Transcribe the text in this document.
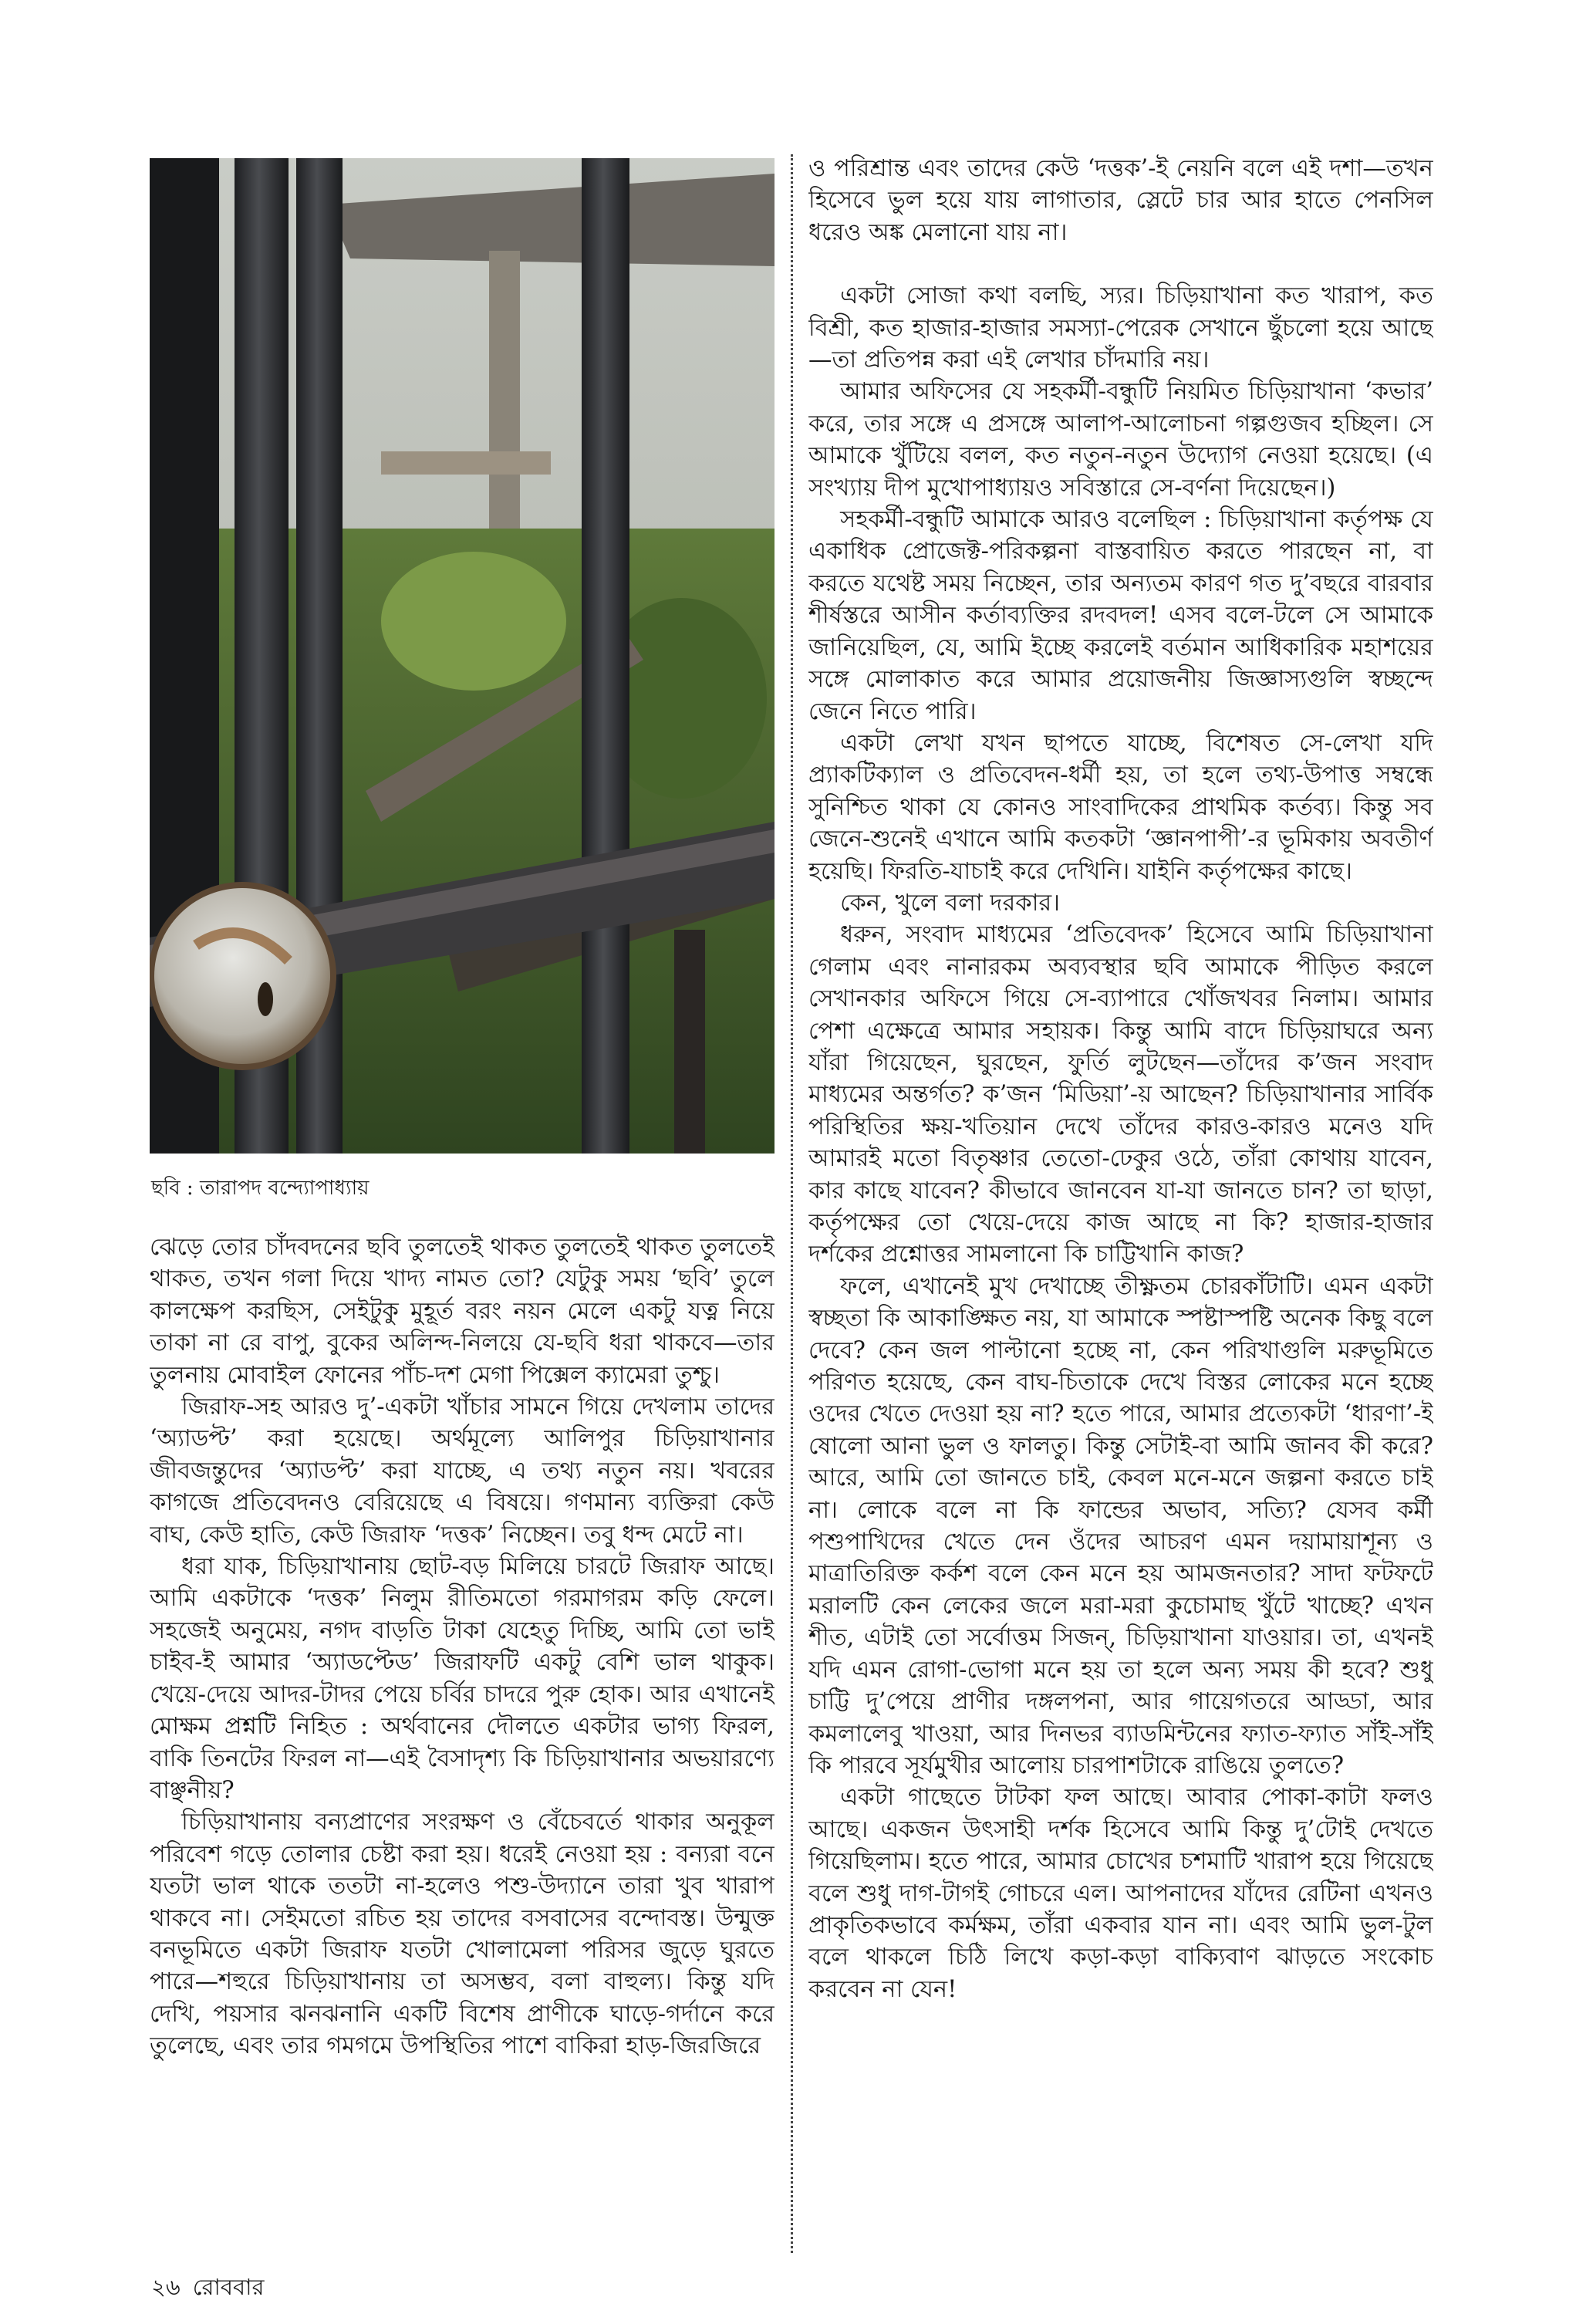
ছবি : তারাপদ বন্দ্যোপাধ্যায়

ঝেড়ে তোর চাঁদবদনের ছবি তুলতেই থাকত তুলতেই থাকত তুলতেই থাকত, তখন গলা দিয়ে খাদ্য নামত তো? যেটুকু সময় ‘ছবি’ তুলে কালক্ষেপ করছিস, সেইটুকু মুহূর্ত বরং নয়ন মেলে একটু যত্ন নিয়ে তাকা না রে বাপু, বুকের অলিন্দ-নিলয়ে যে-ছবি ধরা থাকবে—তার তুলনায় মোবাইল ফোনের পাঁচ-দশ মেগা পিক্সেল ক্যামেরা তুশ্চু।

জিরাফ-সহ আরও দু’-একটা খাঁচার সামনে গিয়ে দেখলাম তাদের ‘অ্যাডপ্ট’ করা হয়েছে। অর্থমূল্যে আলিপুর চিড়িয়াখানার জীবজন্তুদের ‘অ্যাডপ্ট’ করা যাচ্ছে, এ তথ্য নতুন নয়। খবরের কাগজে প্রতিবেদনও বেরিয়েছে এ বিষয়ে। গণমান্য ব্যক্তিরা কেউ বাঘ, কেউ হাতি, কেউ জিরাফ ‘দত্তক’ নিচ্ছেন। তবু ধন্দ মেটে না।

ধরা যাক, চিড়িয়াখানায় ছোট-বড় মিলিয়ে চারটে জিরাফ আছে। আমি একটাকে ‘দত্তক’ নিলুম রীতিমতো গরমাগরম কড়ি ফেলে। সহজেই অনুমেয়, নগদ বাড়তি টাকা যেহেতু দিচ্ছি, আমি তো ভাই চাইব-ই আমার ‘অ্যাডপ্টেড’ জিরাফটি একটু বেশি ভাল থাকুক। খেয়ে-দেয়ে আদর-টাদর পেয়ে চর্বির চাদরে পুরু হোক। আর এখানেই মোক্ষম প্রশ্নটি নিহিত : অর্থবানের দৌলতে একটার ভাগ্য ফিরল, বাকি তিনটের ফিরল না—এই বৈসাদৃশ্য কি চিড়িয়াখানার অভয়ারণ্যে বাঞ্ছনীয়?

চিড়িয়াখানায় বন্যপ্রাণের সংরক্ষণ ও বেঁচেবর্তে থাকার অনুকূল পরিবেশ গড়ে তোলার চেষ্টা করা হয়। ধরেই নেওয়া হয় : বন্যরা বনে যতটা ভাল থাকে ততটা না-হলেও পশু-উদ্যানে তারা খুব খারাপ থাকবে না। সেইমতো রচিত হয় তাদের বসবাসের বন্দোবস্ত। উন্মুক্ত বনভূমিতে একটা জিরাফ যতটা খোলামেলা পরিসর জুড়ে ঘুরতে পারে—শহুরে চিড়িয়াখানায় তা অসম্ভব, বলা বাহুল্য। কিন্তু যদি দেখি, পয়সার ঝনঝনানি একটি বিশেষ প্রাণীকে ঘাড়ে-গর্দানে করে তুলেছে, এবং তার গমগমে উপস্থিতির পাশে বাকিরা হাড়-জিরজিরে

ও পরিশ্রান্ত এবং তাদের কেউ ‘দত্তক’-ই নেয়নি বলে এই দশা—তখন হিসেবে ভুল হয়ে যায় লাগাতার, স্লেটে চার আর হাতে পেনসিল ধরেও অঙ্ক মেলানো যায় না।

একটা সোজা কথা বলছি, স্যর। চিড়িয়াখানা কত খারাপ, কত বিশ্রী, কত হাজার-হাজার সমস্যা-পেরেক সেখানে ছুঁচলো হয়ে আছে—তা প্রতিপন্ন করা এই লেখার চাঁদমারি নয়।

আমার অফিসের যে সহকর্মী-বন্ধুটি নিয়মিত চিড়িয়াখানা ‘কভার’ করে, তার সঙ্গে এ প্রসঙ্গে আলাপ-আলোচনা গল্পগুজব হচ্ছিল। সে আমাকে খুঁটিয়ে বলল, কত নতুন-নতুন উদ্যোগ নেওয়া হয়েছে। (এ সংখ্যায় দীপ মুখোপাধ্যায়ও সবিস্তারে সে-বর্ণনা দিয়েছেন।)

সহকর্মী-বন্ধুটি আমাকে আরও বলেছিল : চিড়িয়াখানা কর্তৃপক্ষ যে একাধিক প্রোজেক্ট-পরিকল্পনা বাস্তবায়িত করতে পারছেন না, বা করতে যথেষ্ট সময় নিচ্ছেন, তার অন্যতম কারণ গত দু’বছরে বারবার শীর্ষস্তরে আসীন কর্তাব্যক্তির রদবদল! এসব বলে-টলে সে আমাকে জানিয়েছিল, যে, আমি ইচ্ছে করলেই বর্তমান আধিকারিক মহাশয়ের সঙ্গে মোলাকাত করে আমার প্রয়োজনীয় জিজ্ঞাস্যগুলি স্বচ্ছন্দে জেনে নিতে পারি।

একটা লেখা যখন ছাপতে যাচ্ছে, বিশেষত সে-লেখা যদি প্র্যাকটিক্যাল ও প্রতিবেদন-ধর্মী হয়, তা হলে তথ্য-উপাত্ত সম্বন্ধে সুনিশ্চিত থাকা যে কোনও সাংবাদিকের প্রাথমিক কর্তব্য। কিন্তু সব জেনে-শুনেই এখানে আমি কতকটা ‘জ্ঞানপাপী’-র ভূমিকায় অবতীর্ণ হয়েছি। ফিরতি-যাচাই করে দেখিনি। যাইনি কর্তৃপক্ষের কাছে।

কেন, খুলে বলা দরকার।

ধরুন, সংবাদ মাধ্যমের ‘প্রতিবেদক’ হিসেবে আমি চিড়িয়াখানা গেলাম এবং নানারকম অব্যবস্থার ছবি আমাকে পীড়িত করলে সেখানকার অফিসে গিয়ে সে-ব্যাপারে খোঁজখবর নিলাম। আমার পেশা এক্ষেত্রে আমার সহায়ক। কিন্তু আমি বাদে চিড়িয়াঘরে অন্য যাঁরা গিয়েছেন, ঘুরছেন, ফুর্তি লুটছেন—তাঁদের ক’জন সংবাদ মাধ্যমের অন্তর্গত? ক’জন ‘মিডিয়া’-য় আছেন? চিড়িয়াখানার সার্বিক পরিস্থিতির ক্ষয়-খতিয়ান দেখে তাঁদের কারও-কারও মনেও যদি আমারই মতো বিতৃষ্ণার তেতো-ঢেকুর ওঠে, তাঁরা কোথায় যাবেন, কার কাছে যাবেন? কীভাবে জানবেন যা-যা জানতে চান? তা ছাড়া, কর্তৃপক্ষের তো খেয়ে-দেয়ে কাজ আছে না কি? হাজার-হাজার দর্শকের প্রশ্নোত্তর সামলানো কি চাট্টিখানি কাজ?

ফলে, এখানেই মুখ দেখাচ্ছে তীক্ষ্ণতম চোরকাঁটাটি। এমন একটা স্বচ্ছতা কি আকাঙ্ক্ষিত নয়, যা আমাকে স্পষ্টাস্পষ্টি অনেক কিছু বলে দেবে? কেন জল পাল্টানো হচ্ছে না, কেন পরিখাগুলি মরুভূমিতে পরিণত হয়েছে, কেন বাঘ-চিতাকে দেখে বিস্তর লোকের মনে হচ্ছে ওদের খেতে দেওয়া হয় না? হতে পারে, আমার প্রত্যেকটা ‘ধারণা’-ই ষোলো আনা ভুল ও ফালতু। কিন্তু সেটাই-বা আমি জানব কী করে? আরে, আমি তো জানতে চাই, কেবল মনে-মনে জল্পনা করতে চাই না। লোকে বলে না কি ফান্ডের অভাব, সত্যি? যেসব কর্মী পশুপাখিদের খেতে দেন ওঁদের আচরণ এমন দয়ামায়াশূন্য ও মাত্রাতিরিক্ত কর্কশ বলে কেন মনে হয় আমজনতার? সাদা ফটফটে মরালটি কেন লেকের জলে মরা-মরা কুচোমাছ খুঁটে খাচ্ছে? এখন শীত, এটাই তো সর্বোত্তম সিজন্, চিড়িয়াখানা যাওয়ার। তা, এখনই যদি এমন রোগা-ভোগা মনে হয় তা হলে অন্য সময় কী হবে? শুধু চাট্টি দু’পেয়ে প্রাণীর দঙ্গলপনা, আর গায়েগতরে আড্ডা, আর কমলালেবু খাওয়া, আর দিনভর ব্যাডমিন্টনের ফ্যাত-ফ্যাত সাঁই-সাঁই কি পারবে সূর্যমুখীর আলোয় চারপাশটাকে রাঙিয়ে তুলতে?

একটা গাছেতে টাটকা ফল আছে। আবার পোকা-কাটা ফলও আছে। একজন উৎসাহী দর্শক হিসেবে আমি কিন্তু দু’টোই দেখতে গিয়েছিলাম। হতে পারে, আমার চোখের চশমাটি খারাপ হয়ে গিয়েছে বলে শুধু দাগ-টাগই গোচরে এল। আপনাদের যাঁদের রেটিনা এখনও প্রাকৃতিকভাবে কর্মক্ষম, তাঁরা একবার যান না। এবং আমি ভুল-টুল বলে থাকলে চিঠি লিখে কড়া-কড়া বাক্যিবাণ ঝাড়তে সংকোচ করবেন না যেন!

২৬ রোববার
